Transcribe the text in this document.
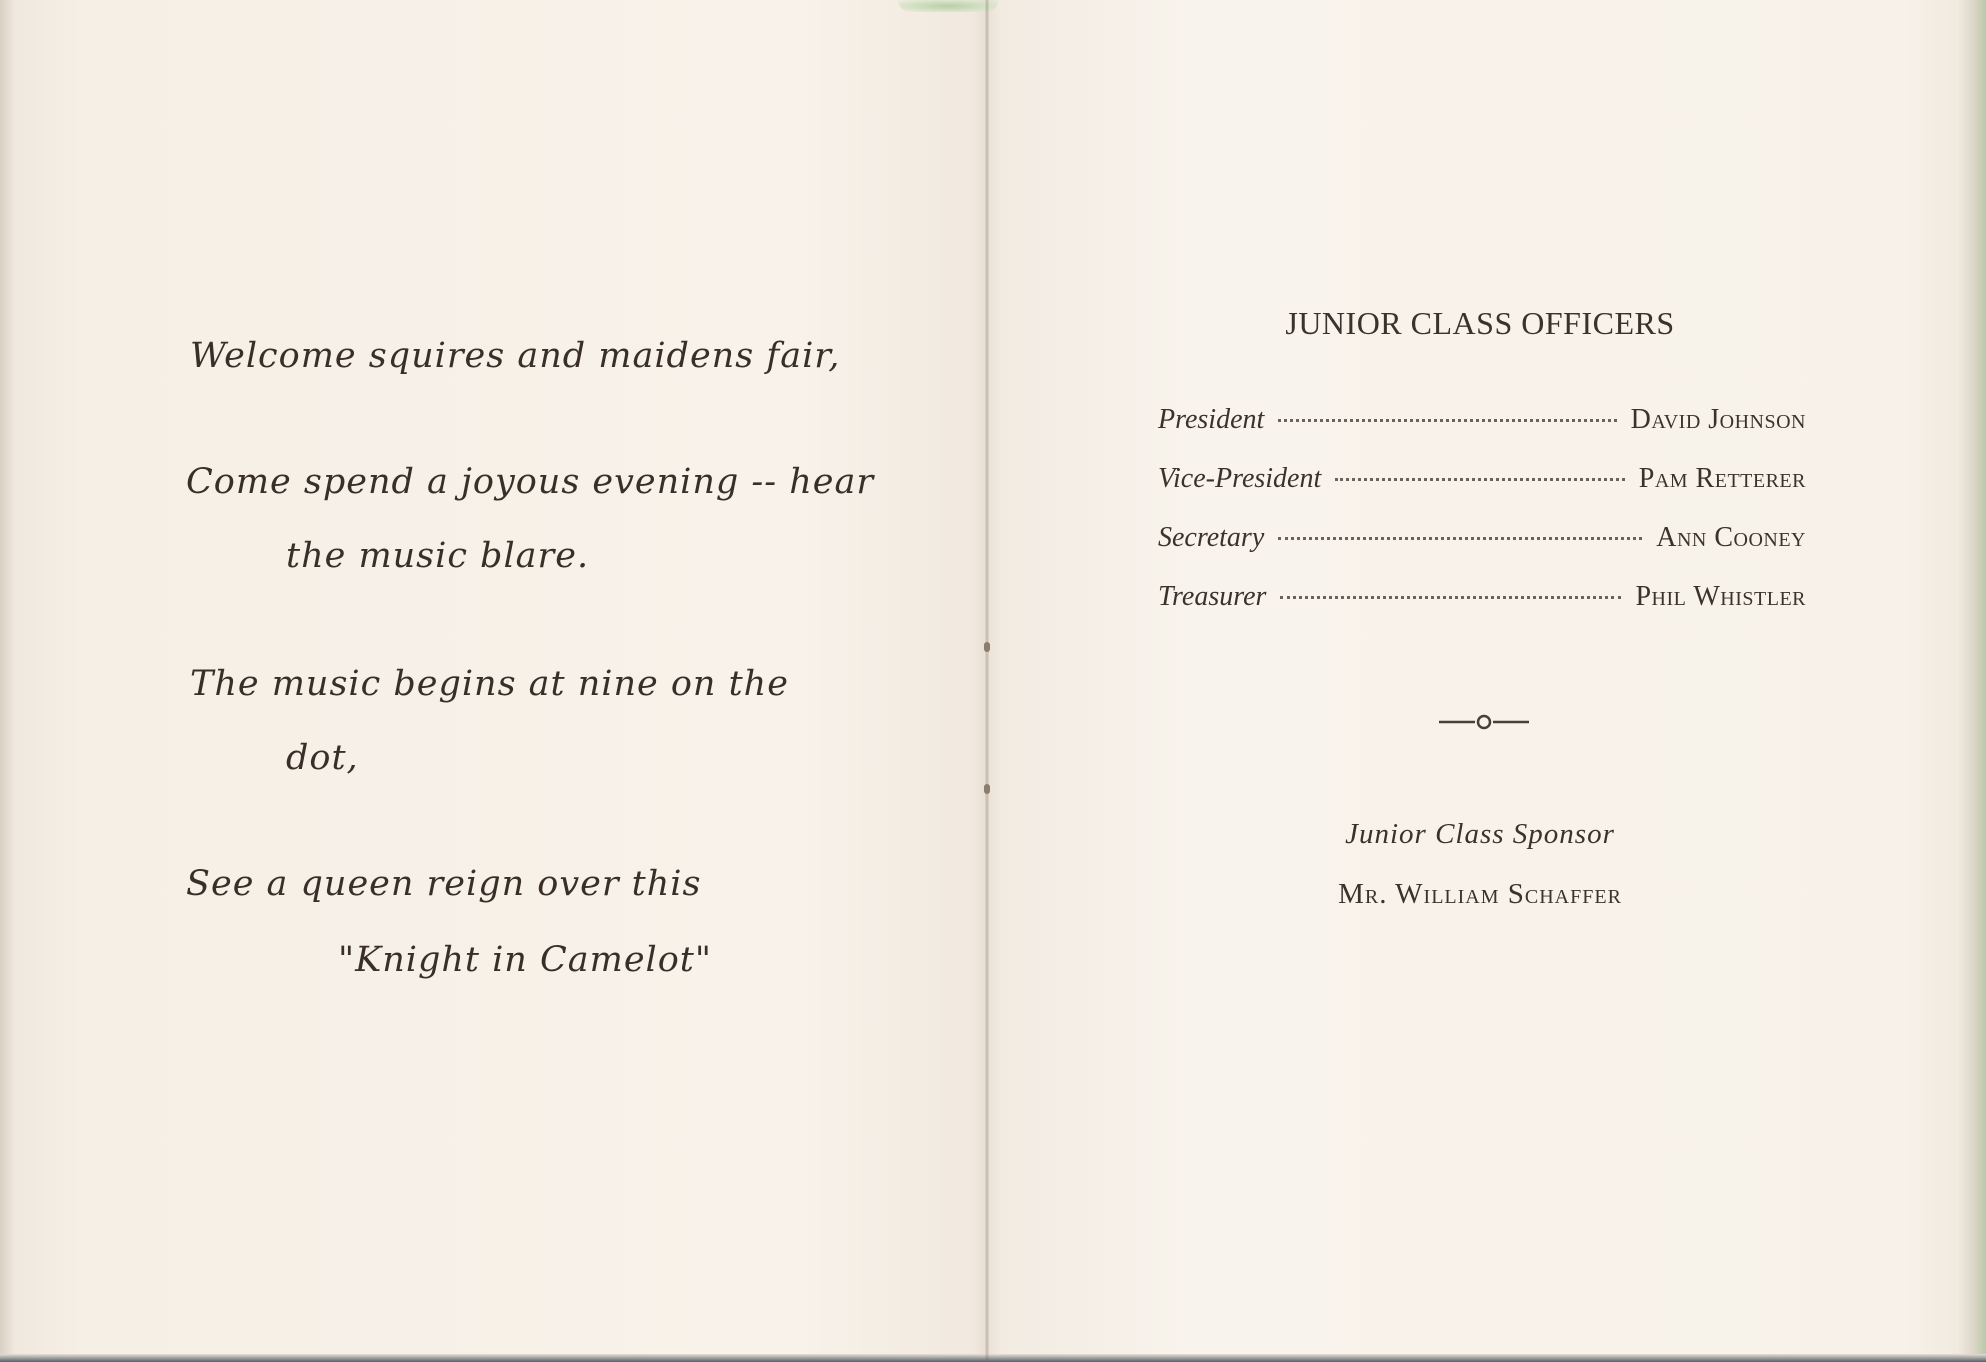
Welcome squires and maidens fair,
Come spend a joyous evening -- hear
the music blare.
The music begins at nine on the
dot,
See a queen reign over this
"Knight in Camelot"
JUNIOR CLASS OFFICERS
President	David Johnson
Vice-President	Pam Retterer
Secretary	Ann Cooney
Treasurer	Phil Whistler
Junior Class Sponsor
Mr. William Schaffer
